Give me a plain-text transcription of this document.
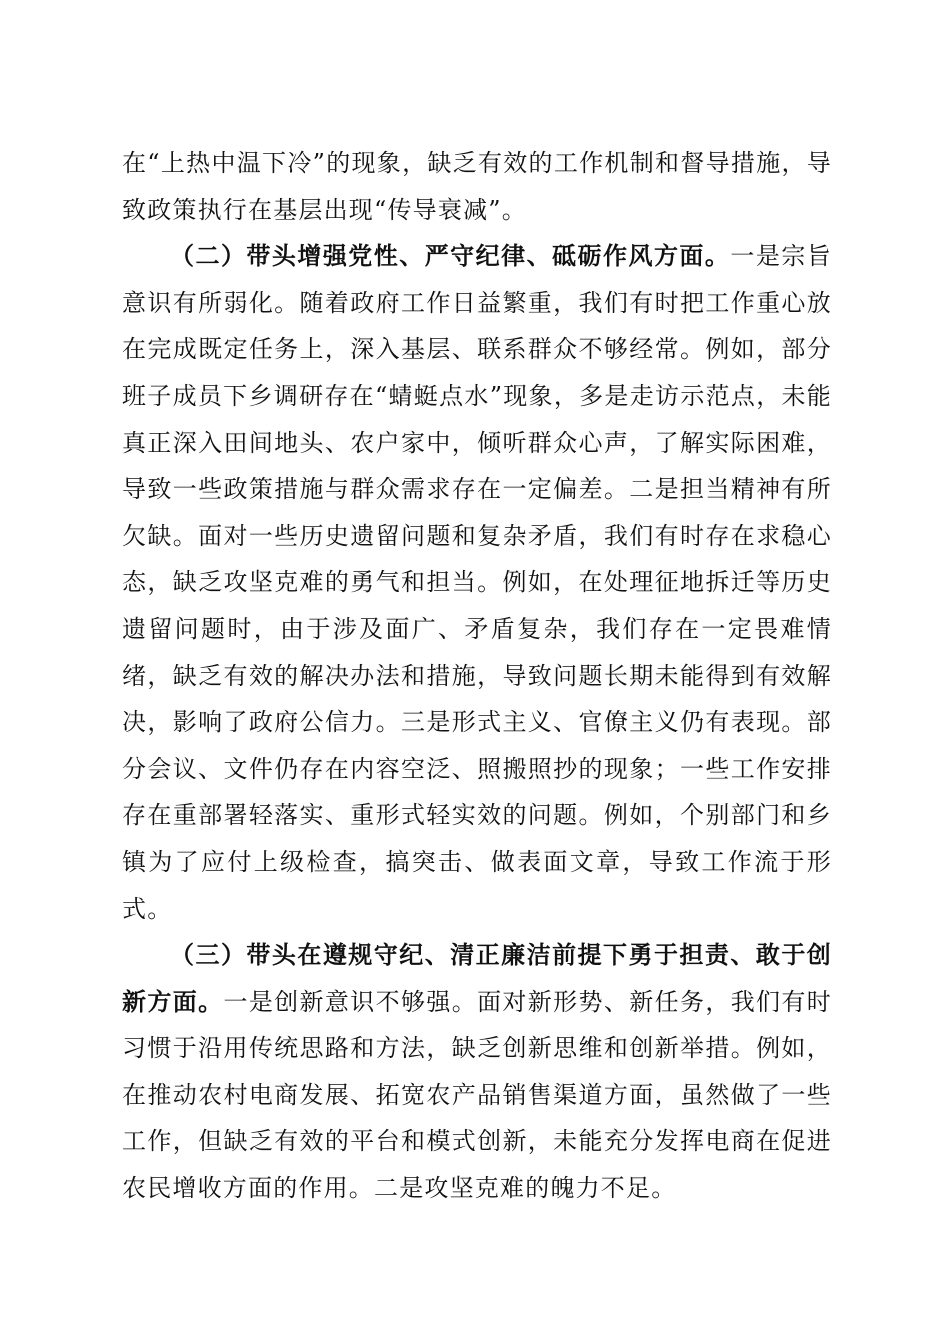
在“上热中温下冷”的现象，缺乏有效的工作机制和督导措施，导致政策执行在基层出现“传导衰减”。

（二）带头增强党性、严守纪律、砥砺作风方面。一是宗旨意识有所弱化。随着政府工作日益繁重，我们有时把工作重心放在完成既定任务上，深入基层、联系群众不够经常。例如，部分班子成员下乡调研存在“蜻蜓点水”现象，多是走访示范点，未能真正深入田间地头、农户家中，倾听群众心声，了解实际困难，导致一些政策措施与群众需求存在一定偏差。二是担当精神有所欠缺。面对一些历史遗留问题和复杂矛盾，我们有时存在求稳心态，缺乏攻坚克难的勇气和担当。例如，在处理征地拆迁等历史遗留问题时，由于涉及面广、矛盾复杂，我们存在一定畏难情绪，缺乏有效的解决办法和措施，导致问题长期未能得到有效解决，影响了政府公信力。三是形式主义、官僚主义仍有表现。部分会议、文件仍存在内容空泛、照搬照抄的现象；一些工作安排存在重部署轻落实、重形式轻实效的问题。例如，个别部门和乡镇为了应付上级检查，搞突击、做表面文章，导致工作流于形式。

（三）带头在遵规守纪、清正廉洁前提下勇于担责、敢于创新方面。一是创新意识不够强。面对新形势、新任务，我们有时习惯于沿用传统思路和方法，缺乏创新思维和创新举措。例如，在推动农村电商发展、拓宽农产品销售渠道方面，虽然做了一些工作，但缺乏有效的平台和模式创新，未能充分发挥电商在促进农民增收方面的作用。二是攻坚克难的魄力不足。
